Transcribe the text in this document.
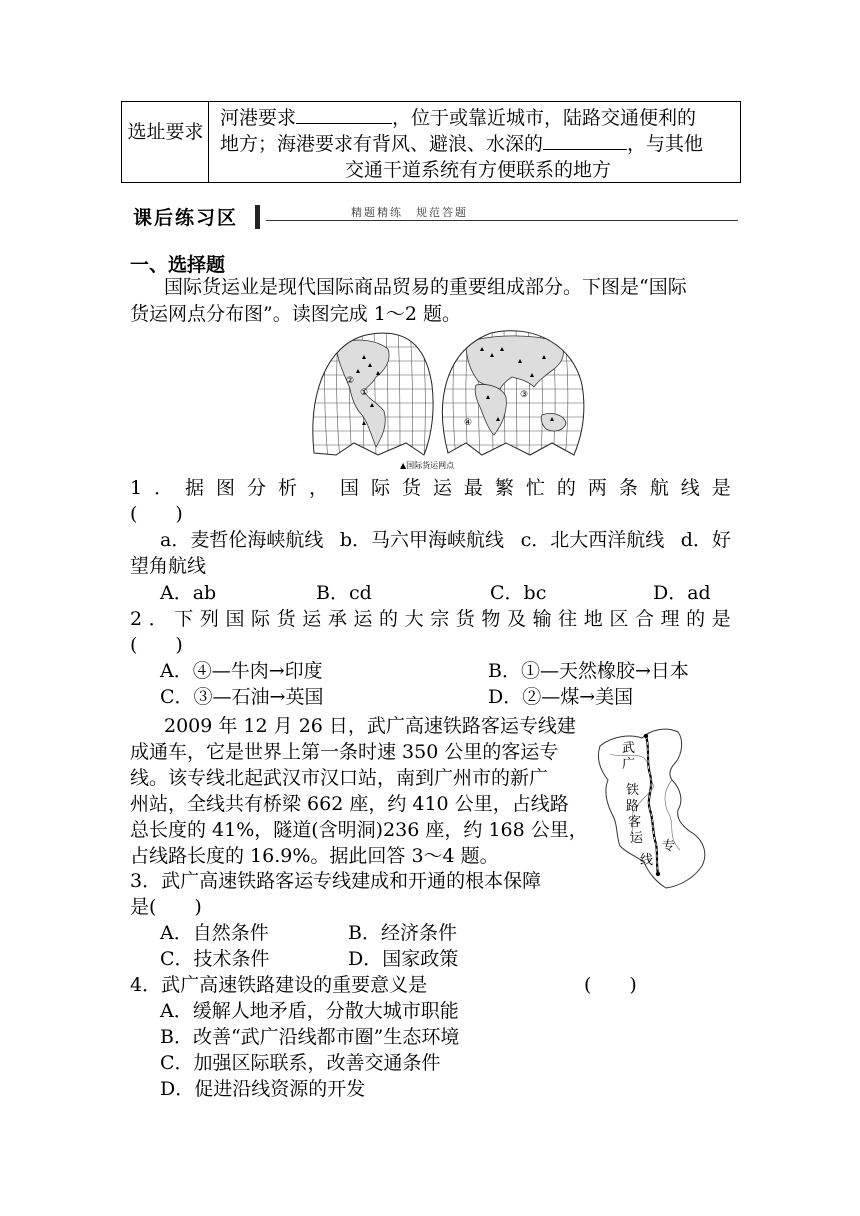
选址要求
河港要求	，位于或靠近城市，陆路交通便利的
地方；海港要求有背风、避浪、水深的	，与其他
交通干道系统有方便联系的地方
课后练习区	精题精练　规范答题
一、选择题
国际货运业是现代国际商品贸易的重要组成部分。下图是“国际
货运网点分布图”。读图完成 1～2 题。
②
①	③
④
▲国际货运网点
1 ． 据 图 分 析 ， 国 际 货 运 最 繁 忙 的 两 条 航 线 是
(　　)
a．麦哲伦海峡航线 b．马六甲海峡航线 c．北大西洋航线 d．好
望角航线
A．ab	B．cd	C．bc	D．ad
2 ． 下 列 国 际 货 运 承 运 的 大 宗 货 物 及 输 往 地 区 合 理 的 是
(　　)
A．④—牛肉→印度	B．①—天然橡胶→日本
C．③—石油→英国	D．②—煤→美国
2009 年 12 月 26 日，武广高速铁路客运专线建
成通车，它是世界上第一条时速 350 公里的客运专
线。该专线北起武汉市汉口站，南到广州市的新广
州站，全线共有桥梁 662 座，约 410 公里，占线路
总长度的 41%，隧道(含明洞)236 座，约 168 公里，
占线路长度的 16.9%。据此回答 3～4 题。
武
广
铁
路
客
运
专
线
3．武广高速铁路客运专线建成和开通的根本保障
是(　　)
A．自然条件	B．经济条件
C．技术条件	D．国家政策
4．武广高速铁路建设的重要意义是	(　　)
A．缓解人地矛盾，分散大城市职能
B．改善“武广沿线都市圈”生态环境
C．加强区际联系，改善交通条件
D．促进沿线资源的开发
